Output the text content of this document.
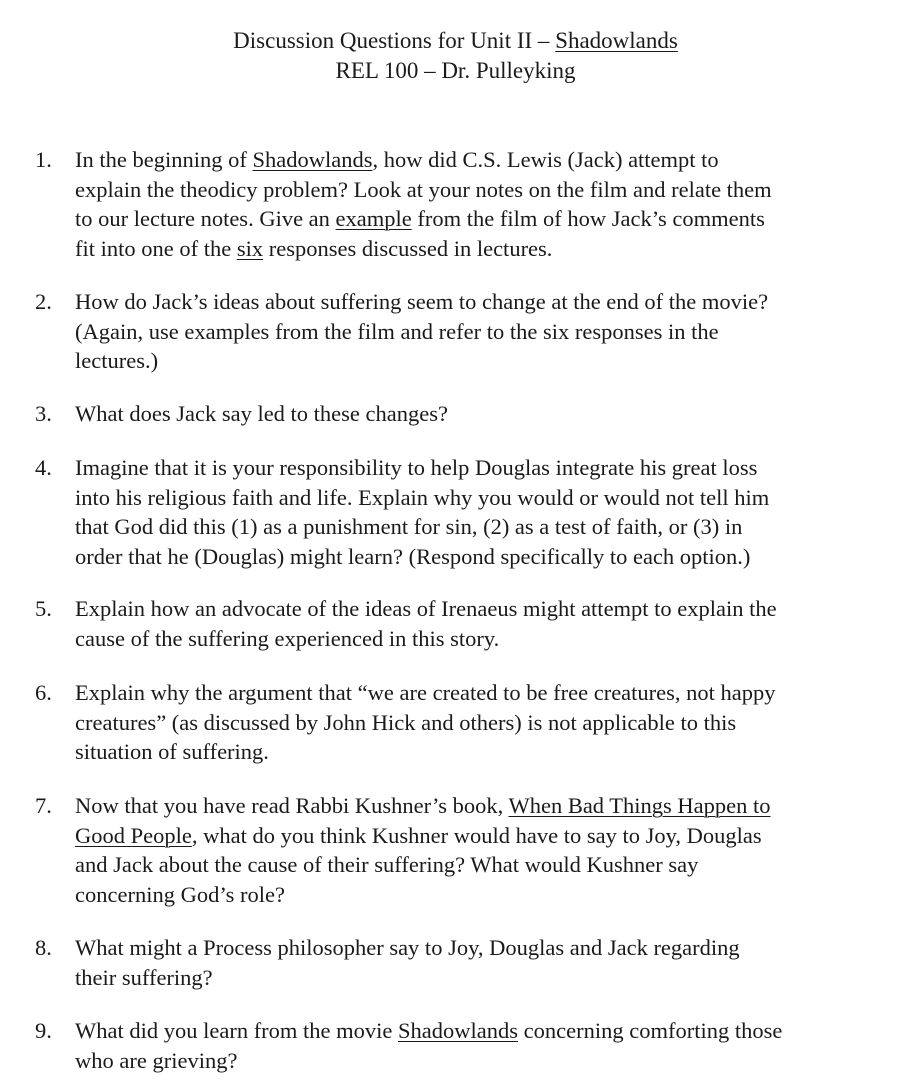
Discussion Questions for Unit II – Shadowlands
REL 100 – Dr. Pulleyking
1.	In the beginning of Shadowlands, how did C.S. Lewis (Jack) attempt to
explain the theodicy problem? Look at your notes on the film and relate them
to our lecture notes. Give an example from the film of how Jack’s comments
fit into one of the six responses discussed in lectures.
2.	How do Jack’s ideas about suffering seem to change at the end of the movie?
(Again, use examples from the film and refer to the six responses in the
lectures.)
3.	What does Jack say led to these changes?
4.	Imagine that it is your responsibility to help Douglas integrate his great loss
into his religious faith and life. Explain why you would or would not tell him
that God did this (1) as a punishment for sin, (2) as a test of faith, or (3) in
order that he (Douglas) might learn? (Respond specifically to each option.)
5.	Explain how an advocate of the ideas of Irenaeus might attempt to explain the
cause of the suffering experienced in this story.
6.	Explain why the argument that “we are created to be free creatures, not happy
creatures” (as discussed by John Hick and others) is not applicable to this
situation of suffering.
7.	Now that you have read Rabbi Kushner’s book, When Bad Things Happen to
Good People, what do you think Kushner would have to say to Joy, Douglas
and Jack about the cause of their suffering? What would Kushner say
concerning God’s role?
8.	What might a Process philosopher say to Joy, Douglas and Jack regarding
their suffering?
9.	What did you learn from the movie Shadowlands concerning comforting those
who are grieving?
